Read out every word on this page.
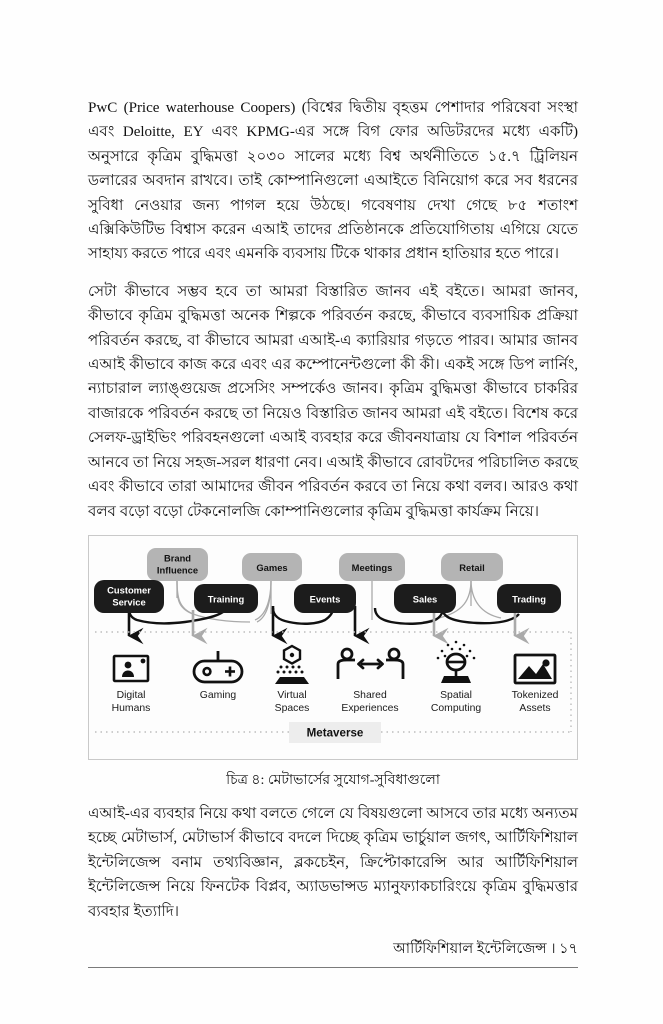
PwC (Price waterhouse Coopers) (বিশ্বের দ্বিতীয় বৃহত্তম পেশাদার পরিষেবা সংস্থা এবং Deloitte, EY এবং KPMG-এর সঙ্গে বিগ ফোর অডিটরদের মধ্যে একটি) অনুসারে কৃত্রিম বুদ্ধিমত্তা ২০৩০ সালের মধ্যে বিশ্ব অর্থনীতিতে ১৫.৭ ট্রিলিয়ন ডলারের অবদান রাখবে। তাই কোম্পানিগুলো এআইতে বিনিয়োগ করে সব ধরনের সুবিধা নেওয়ার জন্য পাগল হয়ে উঠছে। গবেষণায় দেখা গেছে ৮৫ শতাংশ এক্সিকিউটিভ বিশ্বাস করেন এআই তাদের প্রতিষ্ঠানকে প্রতিযোগিতায় এগিয়ে যেতে সাহায্য করতে পারে এবং এমনকি ব্যবসায় টিকে থাকার প্রধান হাতিয়ার হতে পারে।

সেটা কীভাবে সম্ভব হবে তা আমরা বিস্তারিত জানব এই বইতে। আমরা জানব, কীভাবে কৃত্রিম বুদ্ধিমত্তা অনেক শিল্পকে পরিবর্তন করছে, কীভাবে ব্যবসায়িক প্রক্রিয়া পরিবর্তন করছে, বা কীভাবে আমরা এআই-এ ক্যারিয়ার গড়তে পারব। আমার জানব এআই কীভাবে কাজ করে এবং এর কম্পোনেন্টগুলো কী কী। একই সঙ্গে ডিপ লার্নিং, ন্যাচারাল ল্যাঙ্গুয়েজ প্রসেসিং সম্পর্কেও জানব। কৃত্রিম বুদ্ধিমত্তা কীভাবে চাকরির বাজারকে পরিবর্তন করছে তা নিয়েও বিস্তারিত জানব আমরা এই বইতে। বিশেষ করে সেলফ-ড্রাইভিং পরিবহনগুলো এআই ব্যবহার করে জীবনযাত্রায় যে বিশাল পরিবর্তন আনবে তা নিয়ে সহজ-সরল ধারণা নেব। এআই কীভাবে রোবটদের পরিচালিত করছে এবং কীভাবে তারা আমাদের জীবন পরিবর্তন করবে তা নিয়ে কথা বলব। আরও কথা বলব বড়ো বড়ো টেকনোলজি কোম্পানিগুলোর কৃত্রিম বুদ্ধিমত্তা কার্যক্রম নিয়ে।

Brand
Influence	Games	Meetings	Retail
Customer
Service	Training	Events	Sales	Trading
Digital
Humans
Gaming	Virtual
Spaces
Shared
Experiences
Spatial
Computing
Tokenized
Assets
Metaverse
চিত্র ৪: মেটাভার্সের সুযোগ-সুবিধাগুলো

এআই-এর ব্যবহার নিয়ে কথা বলতে গেলে যে বিষয়গুলো আসবে তার মধ্যে অন্যতম হচ্ছে মেটাভার্স, মেটাভার্স কীভাবে বদলে দিচ্ছে কৃত্রিম ভার্চুয়াল জগৎ, আর্টিফিশিয়াল ইন্টেলিজেন্স বনাম তথ্যবিজ্ঞান, ব্লকচেইন, ক্রিপ্টোকারেন্সি আর আর্টিফিশিয়াল ইন্টেলিজেন্স নিয়ে ফিনটেক বিপ্লব, অ্যাডভান্সড ম্যানুফ্যাকচারিংয়ে কৃত্রিম বুদ্ধিমত্তার ব্যবহার ইত্যাদি।

আর্টিফিশিয়াল ইন্টেলিজেন্স । ১৭
